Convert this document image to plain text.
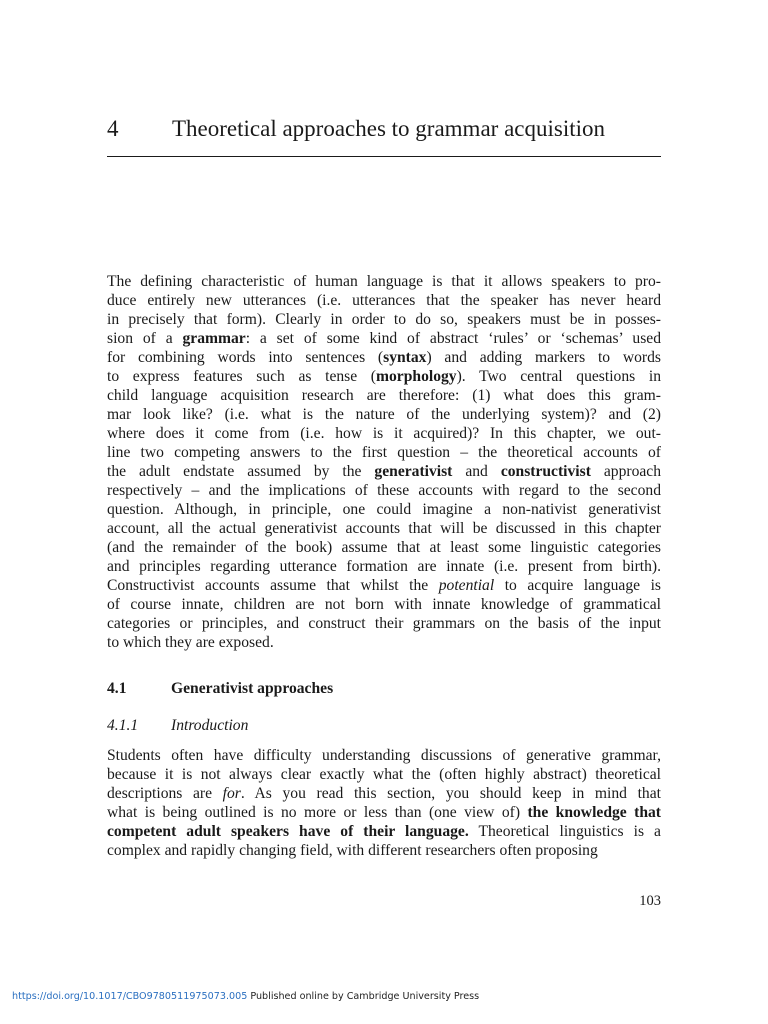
4 Theoretical approaches to grammar acquisition
The defining characteristic of human language is that it allows speakers to pro-
duce entirely new utterances (i.e. utterances that the speaker has never heard
in precisely that form). Clearly in order to do so, speakers must be in posses-
sion of a grammar: a set of some kind of abstract ‘rules’ or ‘schemas’ used
for combining words into sentences (syntax) and adding markers to words
to express features such as tense (morphology). Two central questions in
child language acquisition research are therefore: (1) what does this gram-
mar look like? (i.e. what is the nature of the underlying system)? and (2)
where does it come from (i.e. how is it acquired)? In this chapter, we out-
line two competing answers to the first question – the theoretical accounts of
the adult endstate assumed by the generativist and constructivist approach
respectively – and the implications of these accounts with regard to the second
question. Although, in principle, one could imagine a non-nativist generativist
account, all the actual generativist accounts that will be discussed in this chapter
(and the remainder of the book) assume that at least some linguistic categories
and principles regarding utterance formation are innate (i.e. present from birth).
Constructivist accounts assume that whilst the potential to acquire language is
of course innate, children are not born with innate knowledge of grammatical
categories or principles, and construct their grammars on the basis of the input
to which they are exposed.
4.1	Generativist approaches
4.1.1 Introduction
Students often have difficulty understanding discussions of generative grammar,
because it is not always clear exactly what the (often highly abstract) theoretical
descriptions are for. As you read this section, you should keep in mind that
what is being outlined is no more or less than (one view of) the knowledge that
competent adult speakers have of their language. Theoretical linguistics is a
complex and rapidly changing field, with different researchers often proposing
103
https://doi.org/10.1017/CBO9780511975073.005 Published online by Cambridge University Press
